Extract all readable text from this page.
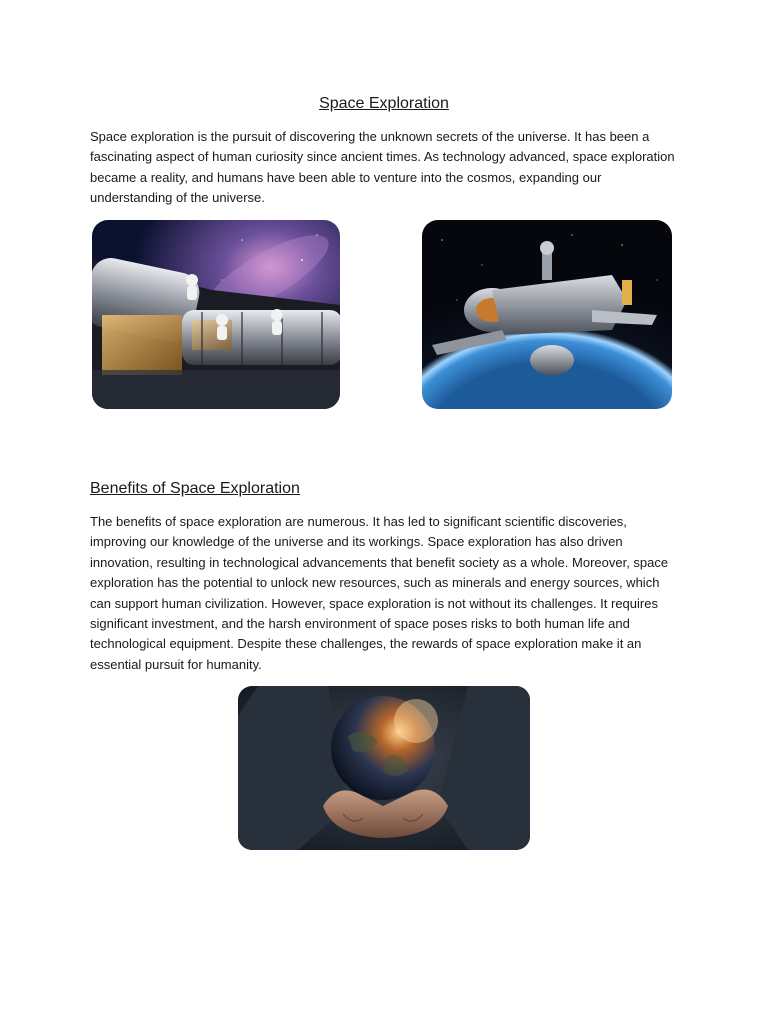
Space Exploration

Space exploration is the pursuit of discovering the unknown secrets of the universe. It has been a fascinating aspect of human curiosity since ancient times. As technology advanced, space exploration became a reality, and humans have been able to venture into the cosmos, expanding our understanding of the universe.

Benefits of Space Exploration

The benefits of space exploration are numerous. It has led to significant scientific discoveries, improving our knowledge of the universe and its workings. Space exploration has also driven innovation, resulting in technological advancements that benefit society as a whole. Moreover, space exploration has the potential to unlock new resources, such as minerals and energy sources, which can support human civilization. However, space exploration is not without its challenges. It requires significant investment, and the harsh environment of space poses risks to both human life and technological equipment. Despite these challenges, the rewards of space exploration make it an essential pursuit for humanity.
